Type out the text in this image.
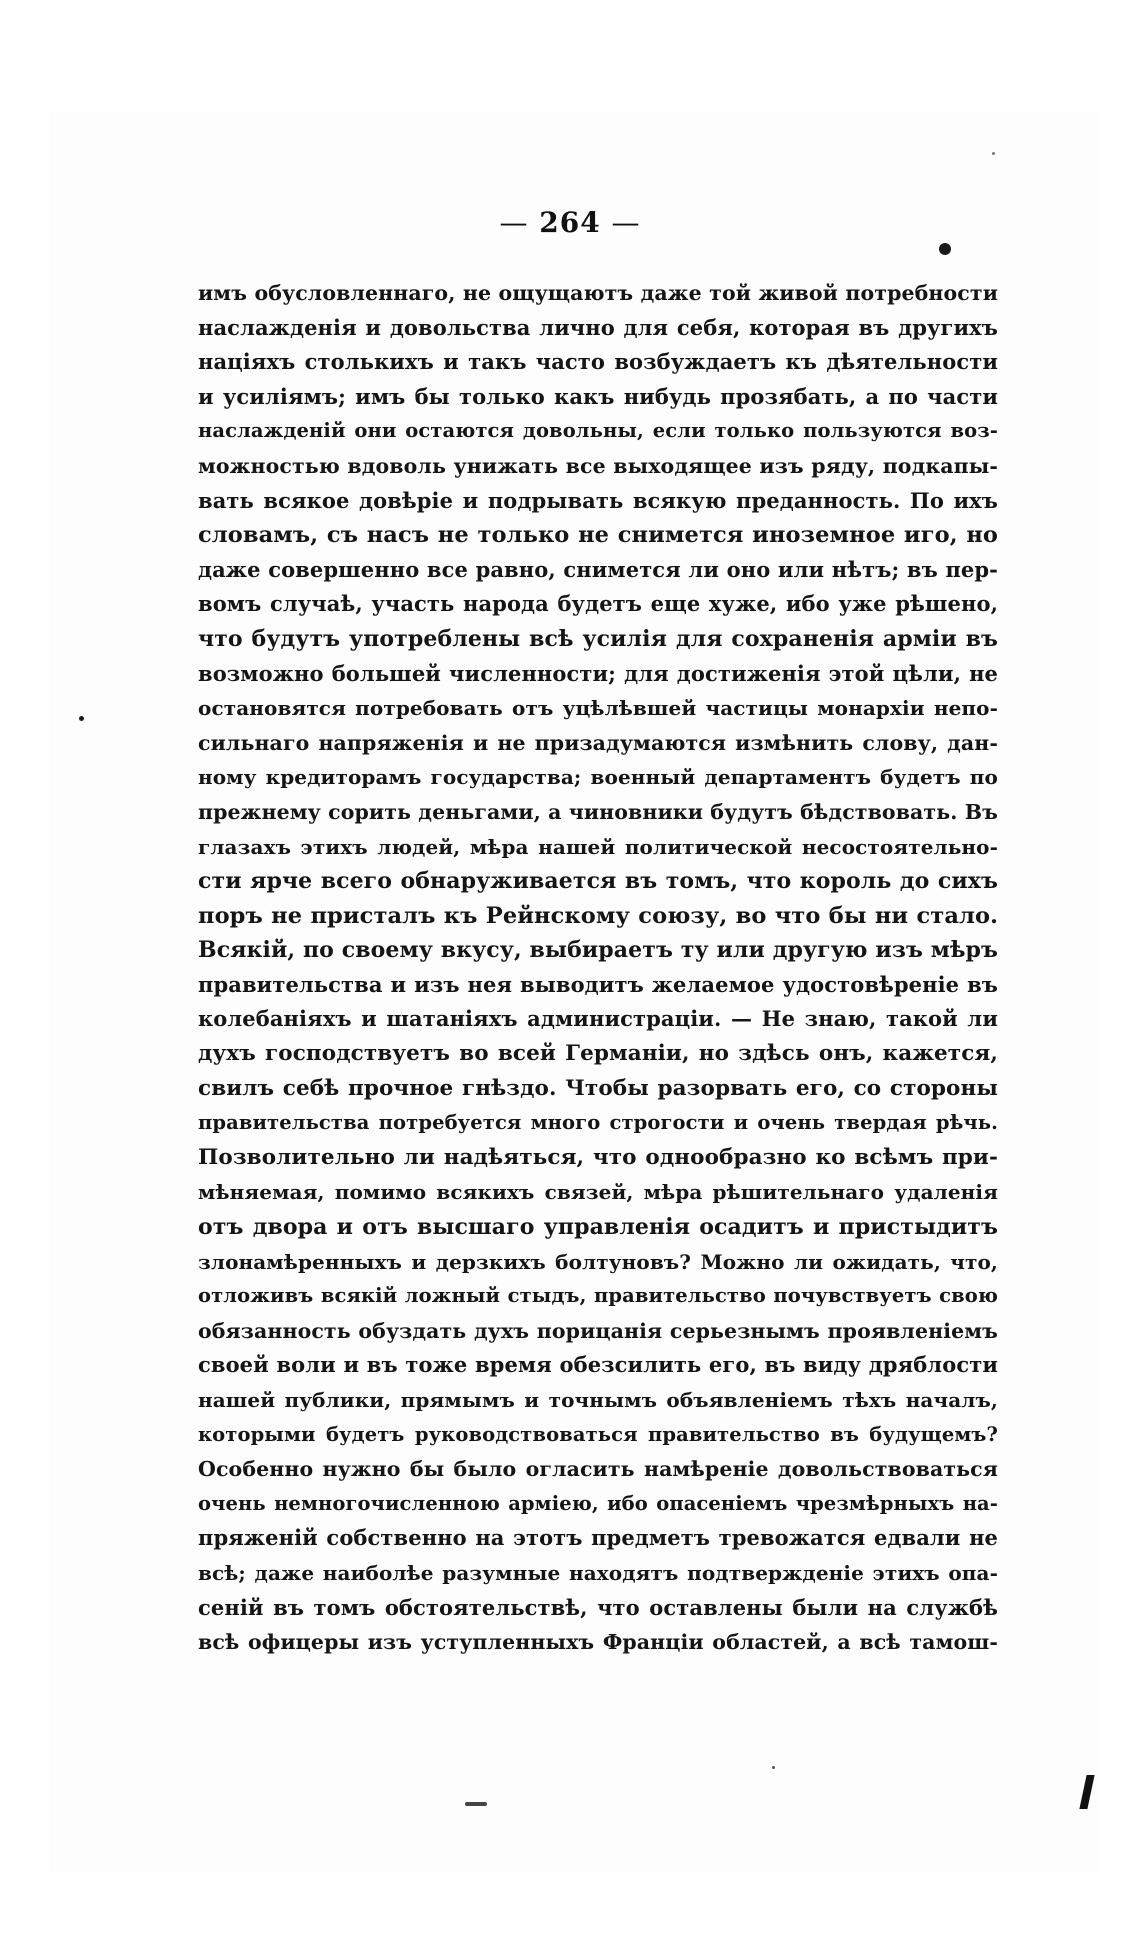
— 264 —
имъ обусловленнаго, не ощущаютъ даже той живой потребности
наслажденія и довольства лично для себя, которая въ другихъ
націяхъ столькихъ и такъ часто возбуждаетъ къ дѣятельности
и усиліямъ; имъ бы только какъ нибудь прозябать, а по части
наслажденій они остаются довольны, если только пользуются воз-
можностью вдоволь унижать все выходящее изъ ряду, подкапы-
вать всякое довѣріе и подрывать всякую преданность. По ихъ
словамъ, съ насъ не только не снимется иноземное иго, но
даже совершенно все равно, снимется ли оно или нѣтъ; въ пер-
вомъ случаѣ, участь народа будетъ еще хуже, ибо уже рѣшено,
что будутъ употреблены всѣ усилія для сохраненія арміи въ
возможно большей численности; для достиженія этой цѣли, не
остановятся потребовать отъ уцѣлѣвшей частицы монархіи непо-
сильнаго напряженія и не призадумаются измѣнить слову, дан-
ному кредиторамъ государства; военный департаментъ будетъ по
прежнему сорить деньгами, а чиновники будутъ бѣдствовать. Въ
глазахъ этихъ людей, мѣра нашей политической несостоятельно-
сти ярче всего обнаруживается въ томъ, что король до сихъ
поръ не присталъ къ Рейнскому союзу, во что бы ни стало.
Всякій, по своему вкусу, выбираетъ ту или другую изъ мѣръ
правительства и изъ нея выводитъ желаемое удостовѣреніе въ
колебаніяхъ и шатаніяхъ администраціи. — Не знаю, такой ли
духъ господствуетъ во всей Германіи, но здѣсь онъ, кажется,
свилъ себѣ прочное гнѣздо. Чтобы разорвать его, со стороны
правительства потребуется много строгости и очень твердая рѣчь.
Позволительно ли надѣяться, что однообразно ко всѣмъ при-
мѣняемая, помимо всякихъ связей, мѣра рѣшительнаго удаленія
отъ двора и отъ высшаго управленія осадитъ и пристыдитъ
злонамѣренныхъ и дерзкихъ болтуновъ? Можно ли ожидать, что,
отложивъ всякій ложный стыдъ, правительство почувствуетъ свою
обязанность обуздать духъ порицанія серьезнымъ проявленіемъ
своей воли и въ тоже время обезсилить его, въ виду дряблости
нашей публики, прямымъ и точнымъ объявленіемъ тѣхъ началъ,
которыми будетъ руководствоваться правительство въ будущемъ?
Особенно нужно бы было огласить намѣреніе довольствоваться
очень немногочисленною арміею, ибо опасеніемъ чрезмѣрныхъ на-
пряженій собственно на этотъ предметъ тревожатся едвали не
всѣ; даже наиболѣе разумные находятъ подтвержденіе этихъ опа-
сеній въ томъ обстоятельствѣ, что оставлены были на службѣ
всѣ офицеры изъ уступленныхъ Франціи областей, а всѣ тамош-
